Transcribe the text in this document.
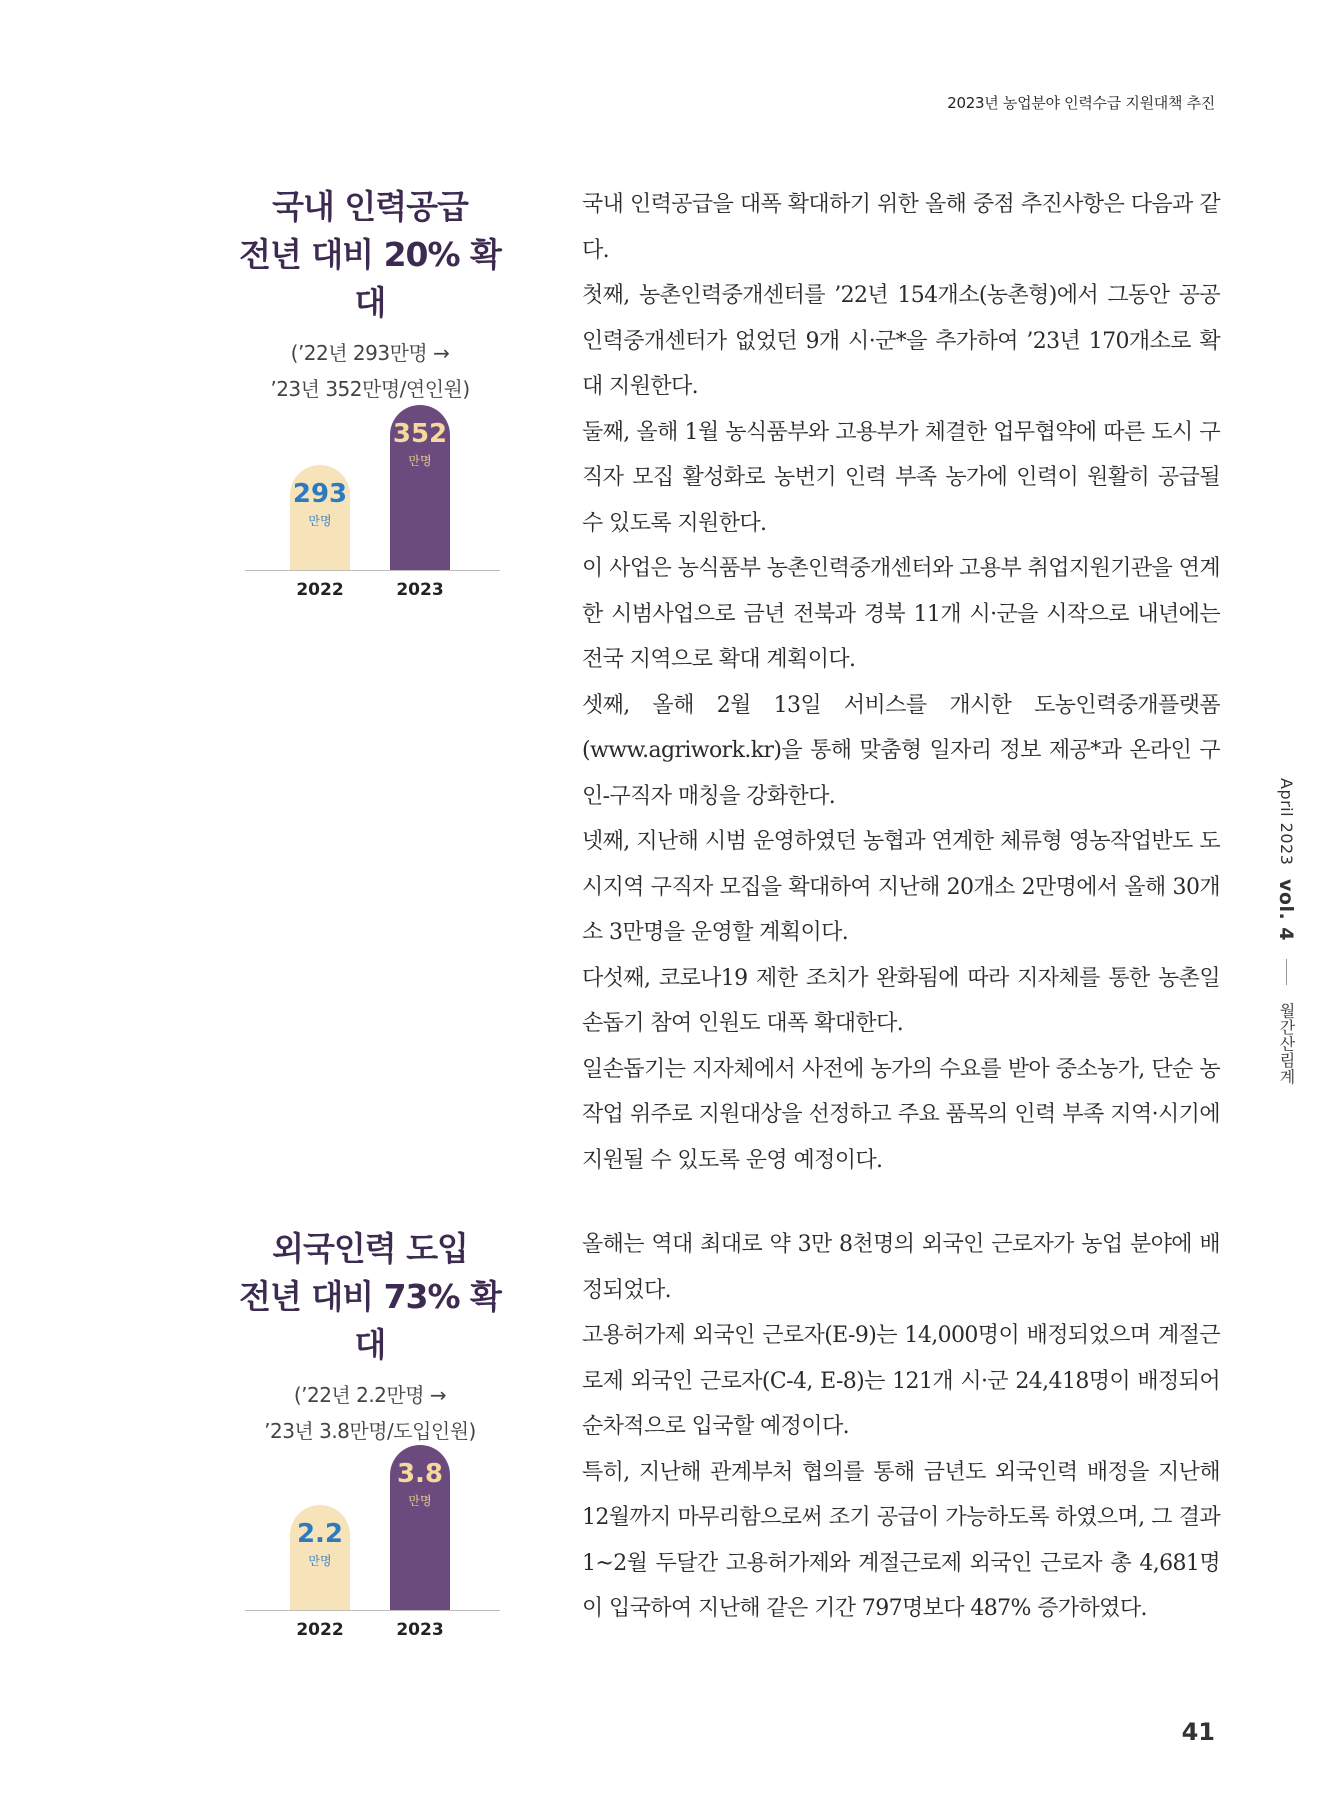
2023년 농업분야 인력수급 지원대책 추진
국내 인력공급
전년 대비 20% 확대
(’22년 293만명 →
’23년 352만명/연인원)
293
만명
352
만명
2022	2023

국내 인력공급을 대폭 확대하기 위한 올해 중점 추진사항은 다음과 같다.

첫째, 농촌인력중개센터를 ’22년 154개소(농촌형)에서 그동안 공공 인력중개센터가 없었던 9개 시·군*을 추가하여 ’23년 170개소로 확대 지원한다.

둘째, 올해 1월 농식품부와 고용부가 체결한 업무협약에 따른 도시 구직자 모집 활성화로 농번기 인력 부족 농가에 인력이 원활히 공급될 수 있도록 지원한다.

이 사업은 농식품부 농촌인력중개센터와 고용부 취업지원기관을 연계한 시범사업으로 금년 전북과 경북 11개 시·군을 시작으로 내년에는 전국 지역으로 확대 계획이다.

셋째, 올해 2월 13일 서비스를 개시한 도농인력중개플랫폼(www.agriwork.kr)을 통해 맞춤형 일자리 정보 제공*과 온라인 구인-구직자 매칭을 강화한다.

넷째, 지난해 시범 운영하였던 농협과 연계한 체류형 영농작업반도 도시지역 구직자 모집을 확대하여 지난해 20개소 2만명에서 올해 30개소 3만명을 운영할 계획이다.

다섯째, 코로나19 제한 조치가 완화됨에 따라 지자체를 통한 농촌일손돕기 참여 인원도 대폭 확대한다.

일손돕기는 지자체에서 사전에 농가의 수요를 받아 중소농가, 단순 농작업 위주로 지원대상을 선정하고 주요 품목의 인력 부족 지역·시기에 지원될 수 있도록 운영 예정이다.

외국인력 도입
전년 대비 73% 확대
(’22년 2.2만명 →
’23년 3.8만명/도입인원)
2.2
만명
3.8
만명
2022	2023

올해는 역대 최대로 약 3만 8천명의 외국인 근로자가 농업 분야에 배정되었다.

고용허가제 외국인 근로자(E-9)는 14,000명이 배정되었으며 계절근로제 외국인 근로자(C-4, E-8)는 121개 시·군 24,418명이 배정되어 순차적으로 입국할 예정이다.

특히, 지난해 관계부처 협의를 통해 금년도 외국인력 배정을 지난해 12월까지 마무리함으로써 조기 공급이 가능하도록 하였으며, 그 결과 1~2월 두달간 고용허가제와 계절근로제 외국인 근로자 총 4,681명이 입국하여 지난해 같은 기간 797명보다 487% 증가하였다.

April 2023 vol. 4  월간산림계
41
